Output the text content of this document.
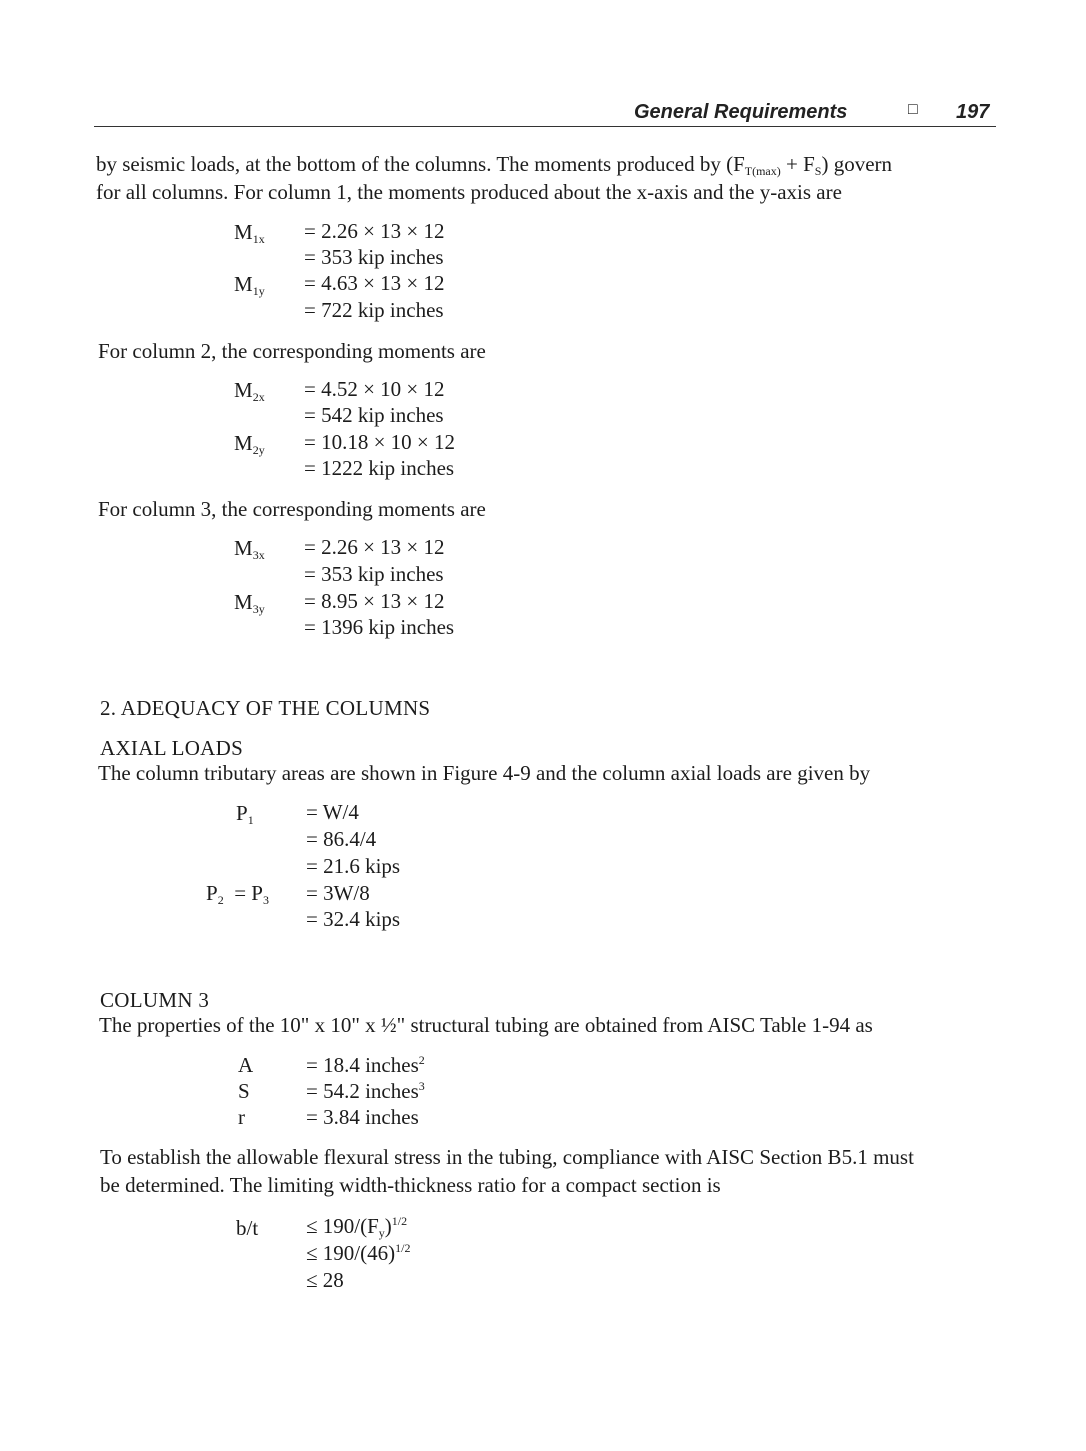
General Requirements	□ 197
by seismic loads, at the bottom of the columns. The moments produced by $(F_{T(max)} + F_S)$ govern
for all columns. For column 1, the moments produced about the x-axis and the y-axis are
$M_{1x} = 2.26 \times 13 \times 12$
= 353 kip inches
$M_{1y} = 4.63 \times 13 \times 12$
= 722 kip inches
For column 2, the corresponding moments are
$M_{2x} = 4.52 \times 10 \times 12$
= 542 kip inches
$M_{2y} = 10.18 \times 10 \times 12$
= 1222 kip inches
For column 3, the corresponding moments are
$M_{3x} = 2.26 \times 13 \times 12$
= 353 kip inches
$M_{3y} = 8.95 \times 13 \times 12$
= 1396 kip inches
2. ADEQUACY OF THE COLUMNS
AXIAL LOADS
The column tributary areas are shown in Figure 4-9 and the column axial loads are given by
$P_1 = W/4$
= 86.4/4
= 21.6 kips
$P_2 = P_3 = 3W/8$
= 32.4 kips
COLUMN 3
The properties of the 10" x 10" x ½" structural tubing are obtained from AISC Table 1-94 as
A	= 18.4 inches$^2$
S	= 54.2 inches$^3$
r	= 3.84 inches
To establish the allowable flexural stress in the tubing, compliance with AISC Section B5.1 must
be determined. The limiting width-thickness ratio for a compact section is
$b/t \le 190/(F_y)^{1/2}$
≤ $190/(46)^{1/2}$
≤ 28
